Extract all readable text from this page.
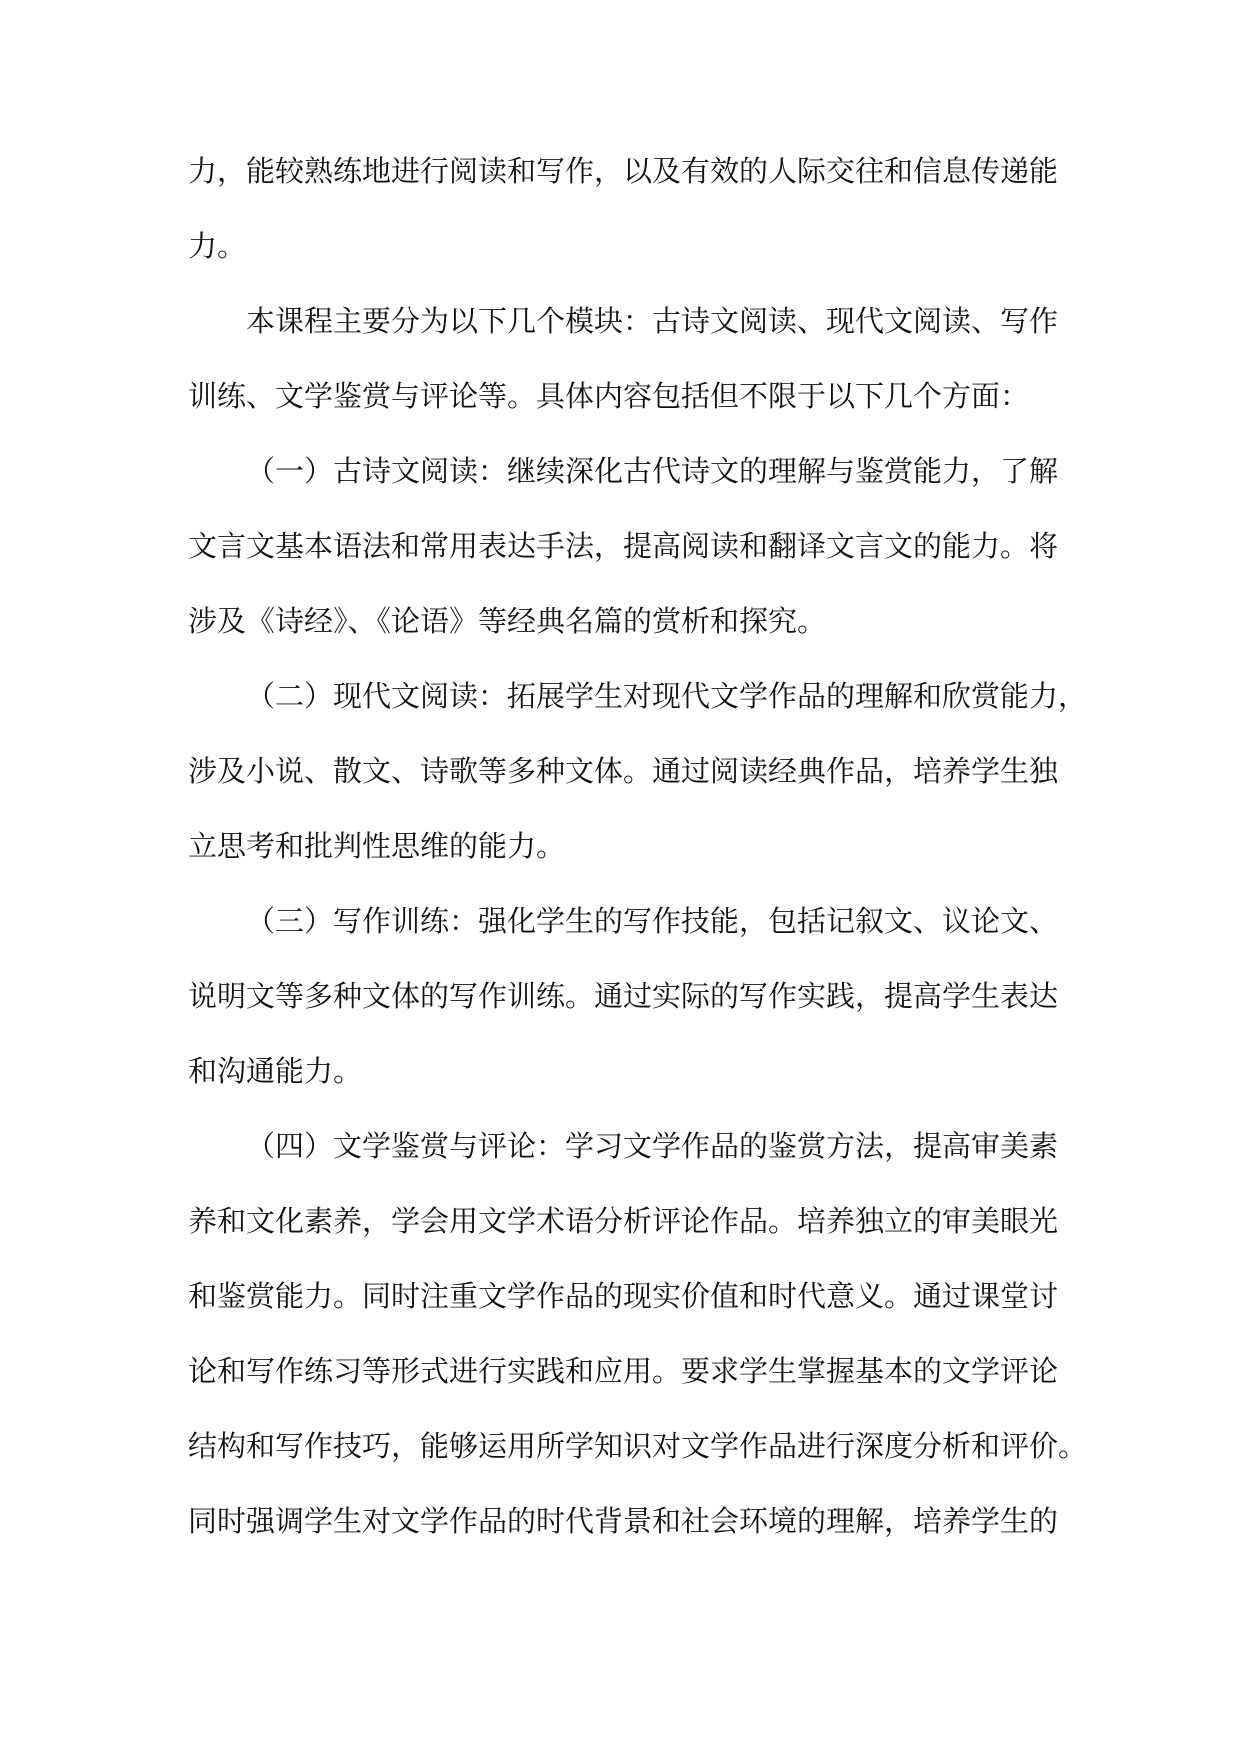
力，能较熟练地进行阅读和写作，以及有效的人际交往和信息传递能
力。
本课程主要分为以下几个模块：古诗文阅读、现代文阅读、写作
训练、文学鉴赏与评论等。具体内容包括但不限于以下几个方面：
（一）古诗文阅读：继续深化古代诗文的理解与鉴赏能力，了解
文言文基本语法和常用表达手法，提高阅读和翻译文言文的能力。将
涉及《诗经》、《论语》等经典名篇的赏析和探究。
（二）现代文阅读：拓展学生对现代文学作品的理解和欣赏能力，
涉及小说、散文、诗歌等多种文体。通过阅读经典作品，培养学生独
立思考和批判性思维的能力。
（三）写作训练：强化学生的写作技能，包括记叙文、议论文、
说明文等多种文体的写作训练。通过实际的写作实践，提高学生表达
和沟通能力。
（四）文学鉴赏与评论：学习文学作品的鉴赏方法，提高审美素
养和文化素养，学会用文学术语分析评论作品。培养独立的审美眼光
和鉴赏能力。同时注重文学作品的现实价值和时代意义。通过课堂讨
论和写作练习等形式进行实践和应用。要求学生掌握基本的文学评论
结构和写作技巧，能够运用所学知识对文学作品进行深度分析和评价。
同时强调学生对文学作品的时代背景和社会环境的理解，培养学生的
